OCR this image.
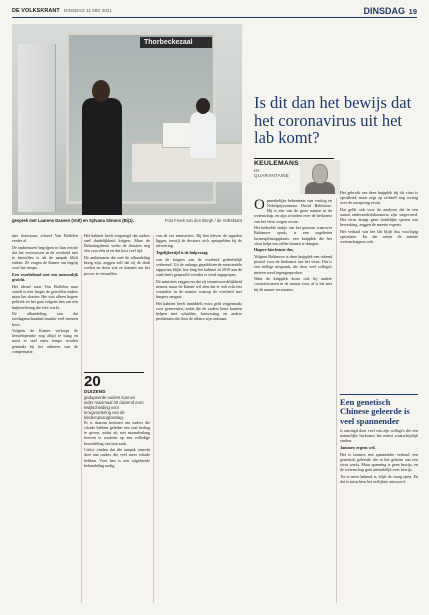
DE VOLKSKRANT DINSDAG 11 MEI 2021	DINSDAG 19
Thorbeckezaal
gesprek met Laurens Dassen (Volt) en Sylvana Simons (Bij1).	Foto Freek van den Bergh / de Volkskrant
Is dit dan het bewijs dat het coronavirus uit het lab komt?
KEULEMANS
IN QUARANTAINE

niet doorstaan, schreef Van Haffelen eerder al.

De ambtenaren begrijpen in hun reactie dat het vertrouwen in de overheid niet te herstellen is als de aanpak blijft steken. Ze vragen de Kamer om begrip voor het tempo.

Een voorbehoud met een mensenlijk gezicht.

Het ideaal waar Van Haffelen naar streeft is niet langer de getroffen ouders maar het dossier. Het was alleen hogere politiek en het gaat volgens hen om een hulpverlening die echt werkt.

De afhandeling van dat toeslagenschandaal maakte veel mensen boos.

Volgens de Kamer verloopt de hersteloperatie nog altijd te traag en moet er snel meer tempo worden gemaakt bij het uitkeren van de compensatie.

20
DUIZEND
gedupeerde ouders kunnen ieder maximaal 30 duizend euro kwijtschelding voor terugvordering van de kinderopvangtoeslag.

Het kabinet heeft toegezegd dat ouders snel duidelijkheid krijgen. Maar de Belastingdienst werkt de dossiers nog één voor één af en dat kost veel tijd.

De ambtenaren die met de afhandeling bezig zijn, zeggen zelf dat zij de druk voelen en doen wat ze kunnen om het proces te versnellen.

Er is daarom besloten om ouders die schade hebben geleden een vast bedrag te geven, zodat zij niet maandenlang hoeven te wachten op een volledige beoordeling van hun zaak.

Critici vinden dat die aanpak onrecht doet aan ouders die veel meer schade hebben. Voor hen is een uitgebreide behandeling nodig.

van de zes ministeries. Bij hen bleven de signalen liggen, terwijl de dossiers zich opstapelden bij de uitvoering.

Tegelijkertijd is de hulpvraag

van de burgers aan de overheid gedeeltelijk verbeterd. Uit de onlangs gepubliceerde ministeriële rapporten blijkt hoe lang het kabinet in 2019 aan de zaak heeft geaarzeld voordat er werd ingegrepen.

De ministers zeggen nu dat zij verantwoordelijkheid nemen, maar de Kamer wil zien dat er ook echt iets verandert in de manier waarop de overheid met burgers omgaat.

Het kabinet heeft inmiddels extra geld vrijgemaakt voor gemeenten, zodat die de ouders beter kunnen helpen met schulden, huisvesting en andere problemen die door de affaire zijn ontstaan.

Opmerkelijke bekentenis van virolog en Nobelprijswinnaar David Baltimore. Hij is een van de grote namen in de wetenschap, en zijn woorden over de herkomst van het virus wogen zwaar.

Het bedoelde stukje van het genoom waarover Baltimore sprak, is een zogeheten furinesplitsingsplaats: een knipplek die het virus helpt om cellen binnen te dringen.

Hogere biochemie dus,

Volgens Baltimore is deze knipplek een rokend pistool voor de herkomst van het virus. Dat is een stellige uitspraak, die door veel collega's meteen werd tegengesproken.

Want de knipplek komt ook bij andere coronavirussen in de natuur voor, al is het niet bij de naaste verwanten.

Het gebruik van deze knipplek bij dit virus is opvallend, maar zegt op zichzelf nog weinig over de oorsprong ervan.

Dat geldt ook voor de analyses die in een aantal onderzoekslaboratoria zijn uitgevoerd. Het virus draagt geen duidelijke sporen van bewerking, zeggen de meeste experts.

Het verhaal van het lab blijft dus voorlopig speculatie. En dat weten de meeste wetenschappers ook.

Een genetisch Chinese geleerde is veel spannender

is omringd door veel van zijn collega's die een natuurlijke herkomst het meest waarschijnlijk vinden.

Jammer, ergens wel.

Het is immers een spannender verhaal: een genetisch geleerde die in het geheim aan een virus werkt. Maar spanning is geen bewijs, en de wetenschap gaat uiteindelijk over bewijs.

Tot er meer bekend is, blijft de vraag open. En dat is misschien het eerlijkste antwoord.
